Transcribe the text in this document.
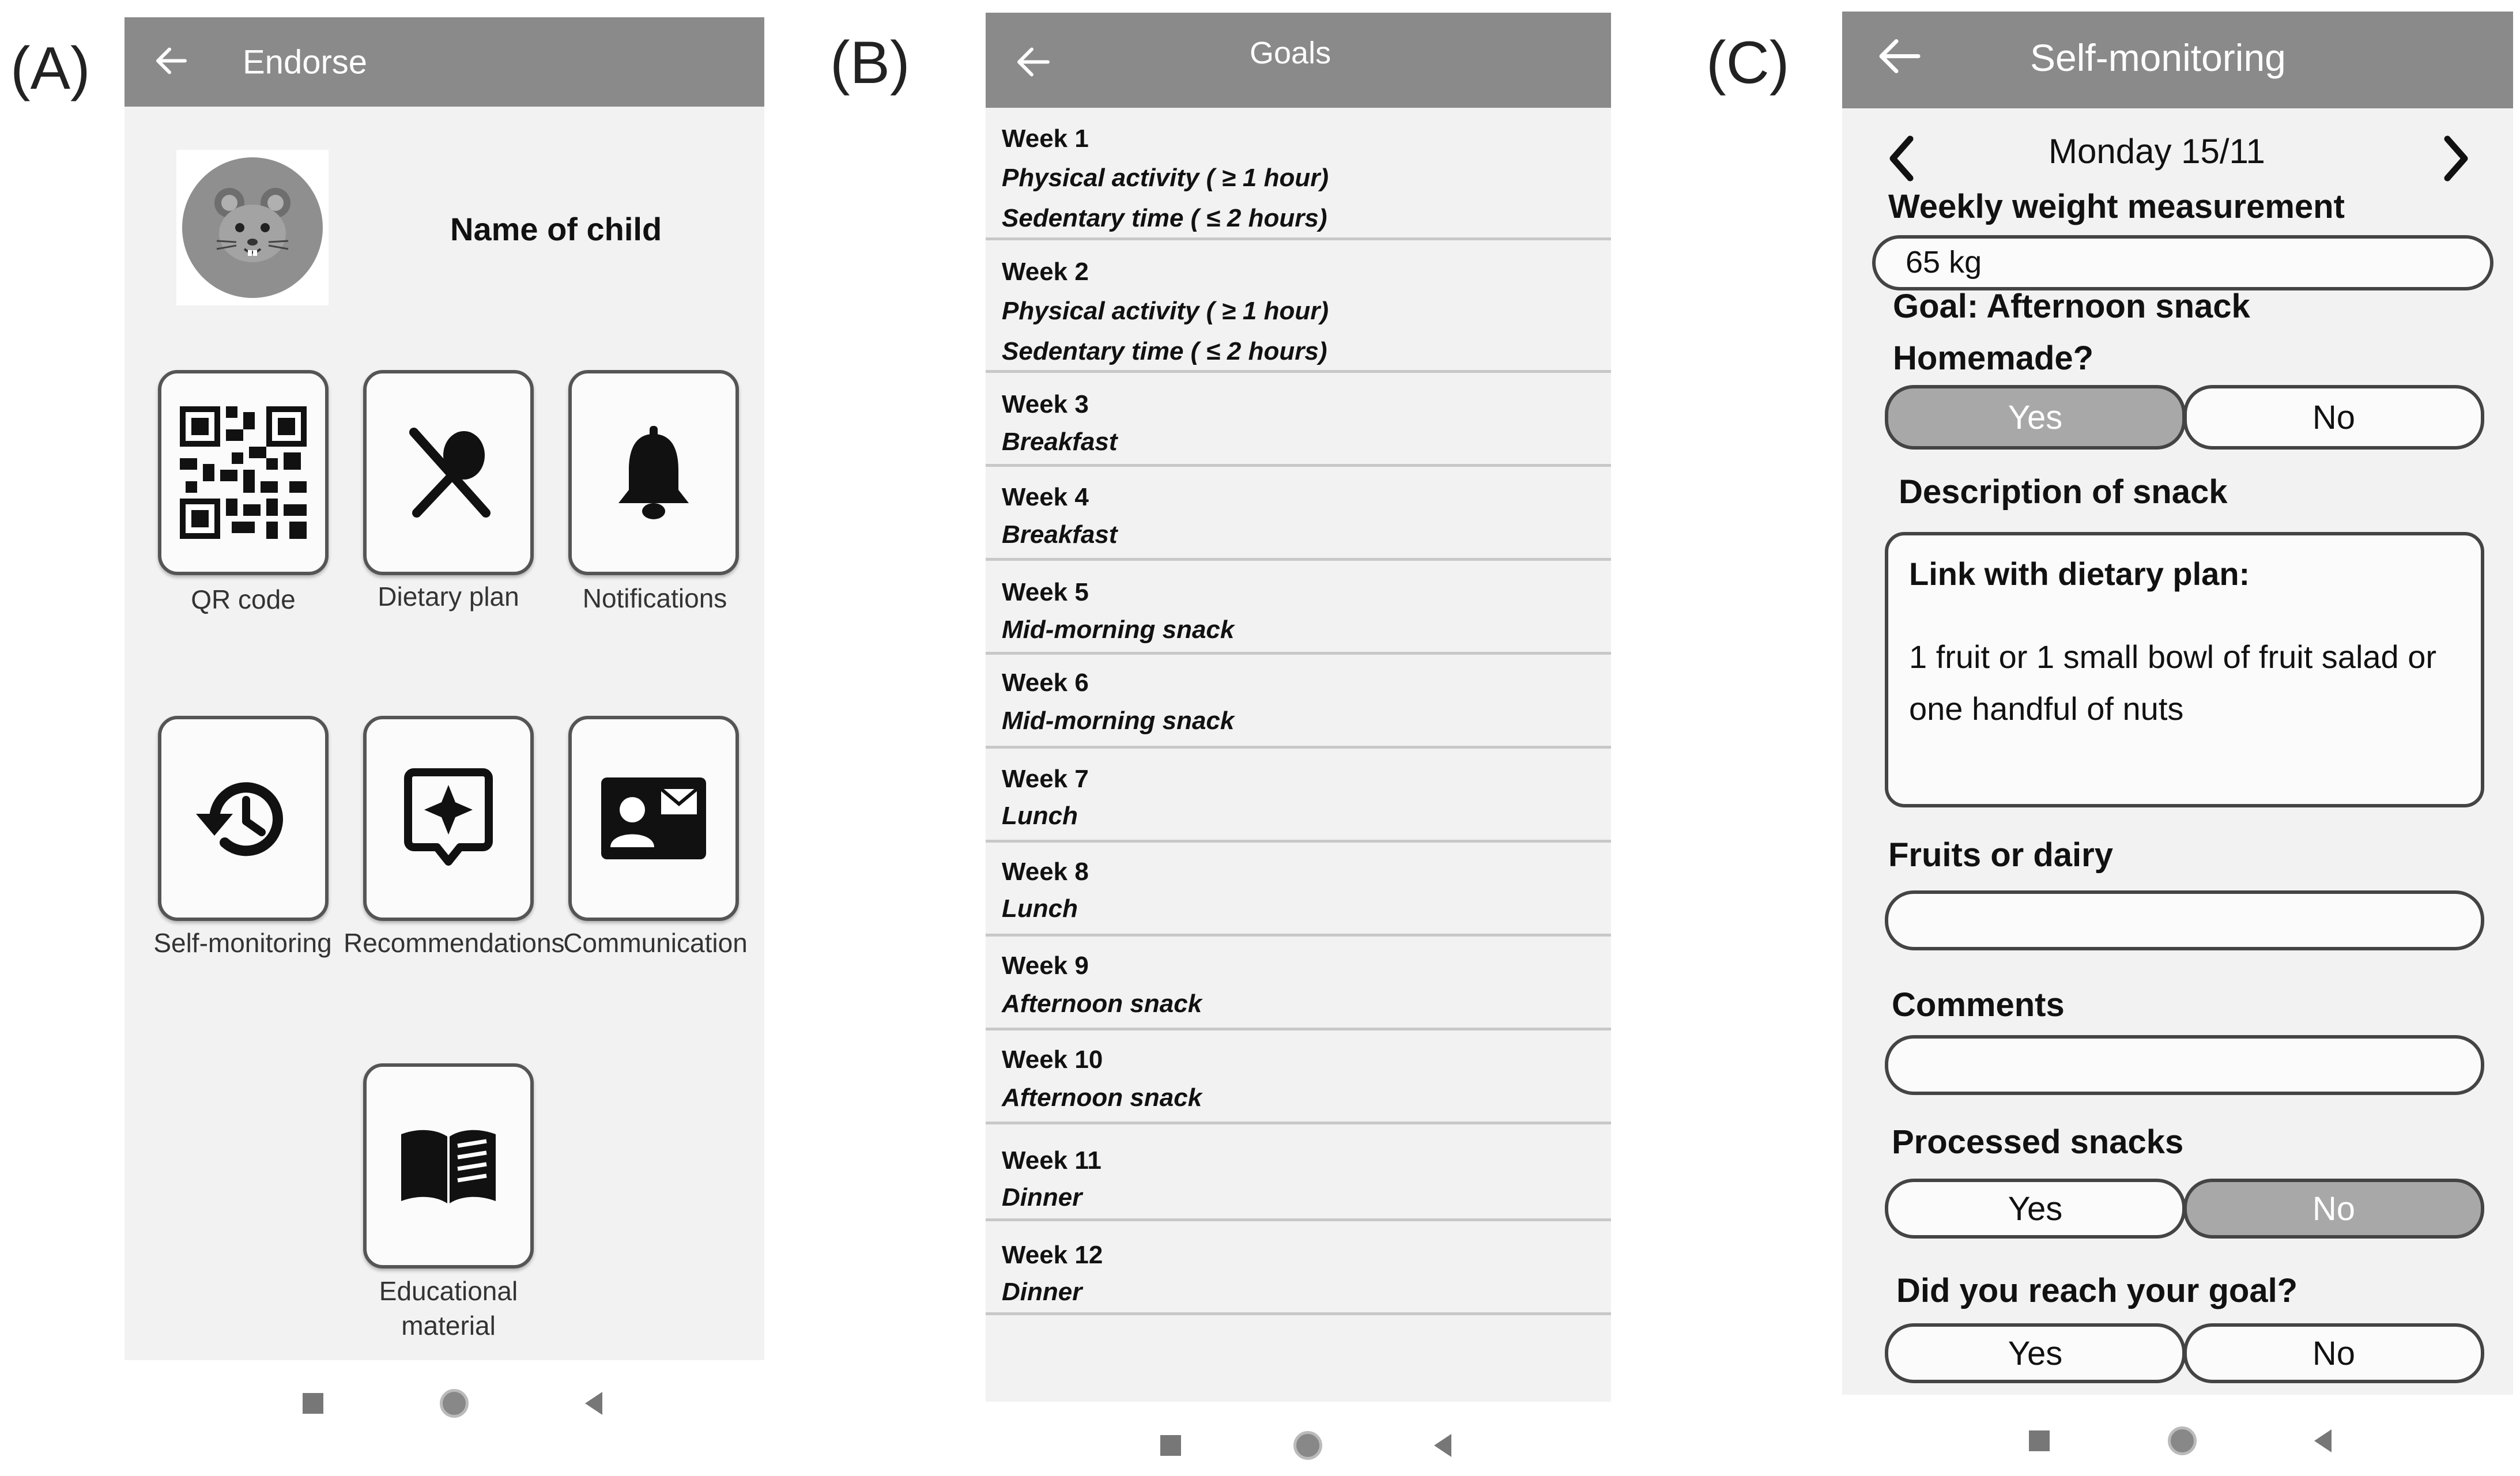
(A)	(B)	(C)
Endorse
Name of child
QR code	Dietary plan	Notifications
Self-monitoring Recommendations
Communication
Educational
material
Goals
Week 1
Physical activity ( ≥ 1 hour)
Sedentary time ( ≤ 2 hours)
Week 2
Physical activity ( ≥ 1 hour)
Sedentary time ( ≤ 2 hours)
Week 3
Breakfast
Week 4
Breakfast
Week 5
Mid-morning snack
Week 6
Mid-morning snack
Week 7
Lunch
Week 8
Lunch
Week 9
Afternoon snack
Week 10
Afternoon snack
Week 11
Dinner
Week 12
Dinner
Self-monitoring
Monday 15/11
Weekly weight measurement
65 kg
Goal: Afternoon snack
Homemade?
Yes	No
Description of snack
Link with dietary plan:
1 fruit or 1 small bowl of fruit salad or
one handful of nuts
Fruits or dairy
Comments
Processed snacks
Yes	No
Did you reach your goal?
Yes	No
